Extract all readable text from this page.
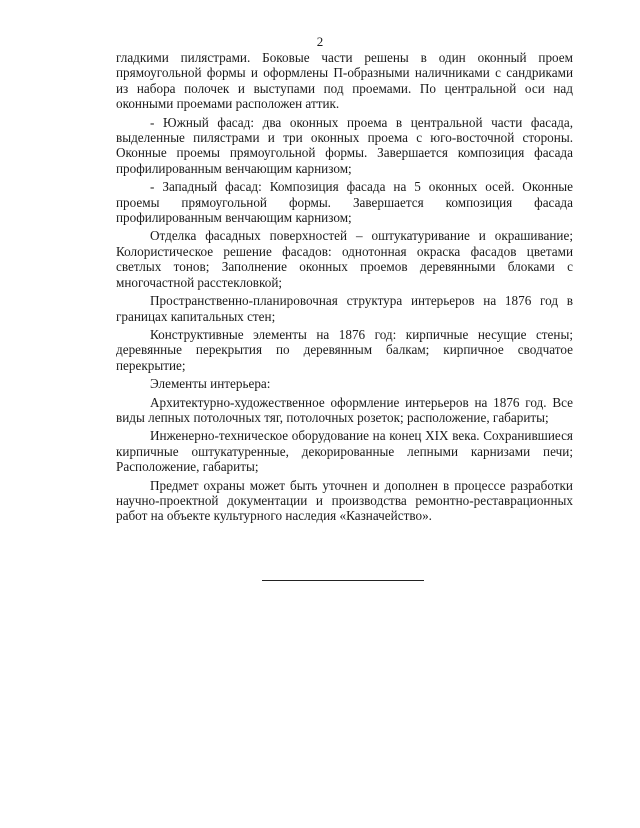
2

гладкими пилястрами. Боковые части решены в один оконный проем прямоугольной формы и оформлены П-образными наличниками с сандриками из набора полочек и выступами под проемами. По центральной оси над оконными проемами расположен аттик.

- Южный фасад: два оконных проема в центральной части фасада, выделенные пилястрами и три оконных проема с юго-восточной стороны. Оконные проемы прямоугольной формы. Завершается композиция фасада профилированным венчающим карнизом;

- Западный фасад: Композиция фасада на 5 оконных осей. Оконные проемы прямоугольной формы. Завершается композиция фасада профилированным венчающим карнизом;

Отделка фасадных поверхностей – оштукатуривание и окрашивание; Колористическое решение фасадов: однотонная окраска фасадов цветами светлых тонов; Заполнение оконных проемов деревянными блоками с многочастной расстекловкой;

Пространственно-планировочная структура интерьеров на 1876 год в границах капитальных стен;

Конструктивные элементы на 1876 год: кирпичные несущие стены; деревянные перекрытия по деревянным балкам; кирпичное сводчатое перекрытие;

Элементы интерьера:

Архитектурно-художественное оформление интерьеров на 1876 год. Все виды лепных потолочных тяг, потолочных розеток; расположение, габариты;

Инженерно-техническое оборудование на конец XIX века. Сохранившиеся кирпичные оштукатуренные, декорированные лепными карнизами печи; Расположение, габариты;

Предмет охраны может быть уточнен и дополнен в процессе разработки научно-проектной документации и производства ремонтно-реставрационных работ на объекте культурного наследия «Казначейство».
